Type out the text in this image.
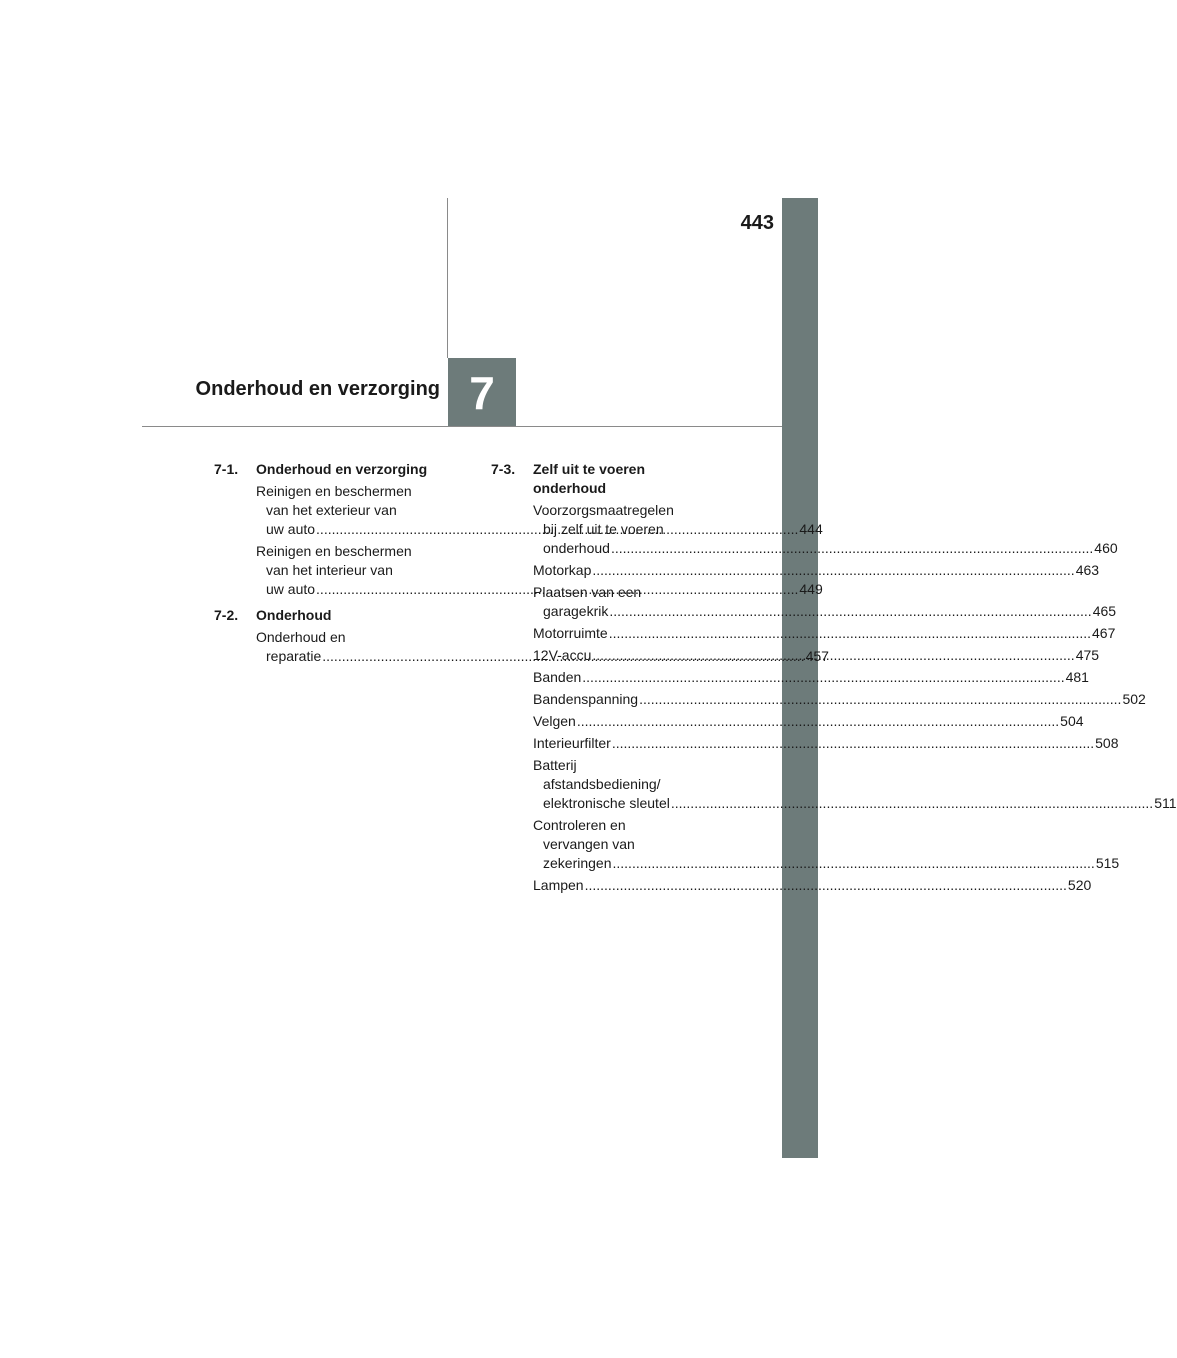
443
7
Onderhoud en verzorging
7-1.	Onderhoud en verzorging
Reinigen en beschermen
van het exterieur van
uw auto .....	444
Reinigen en beschermen
van het interieur van
uw auto .....	449
7-2.	Onderhoud
Onderhoud en
reparatie .....	457
7-3.	Zelf uit te voeren
onderhoud
Voorzorgsmaatregelen
bij zelf uit te voeren
onderhoud .....	460
Motorkap .....	463
Plaatsen van een
garagekrik .....	465
Motorruimte .....	467
12V-accu .....	475
Banden .....	481
Bandenspanning .....	502
Velgen .....	504
Interieurfilter .....	508
Batterij
afstandsbediening/
elektronische sleutel .....	511
Controleren en
vervangen van
zekeringen .....	515
Lampen .....	520
